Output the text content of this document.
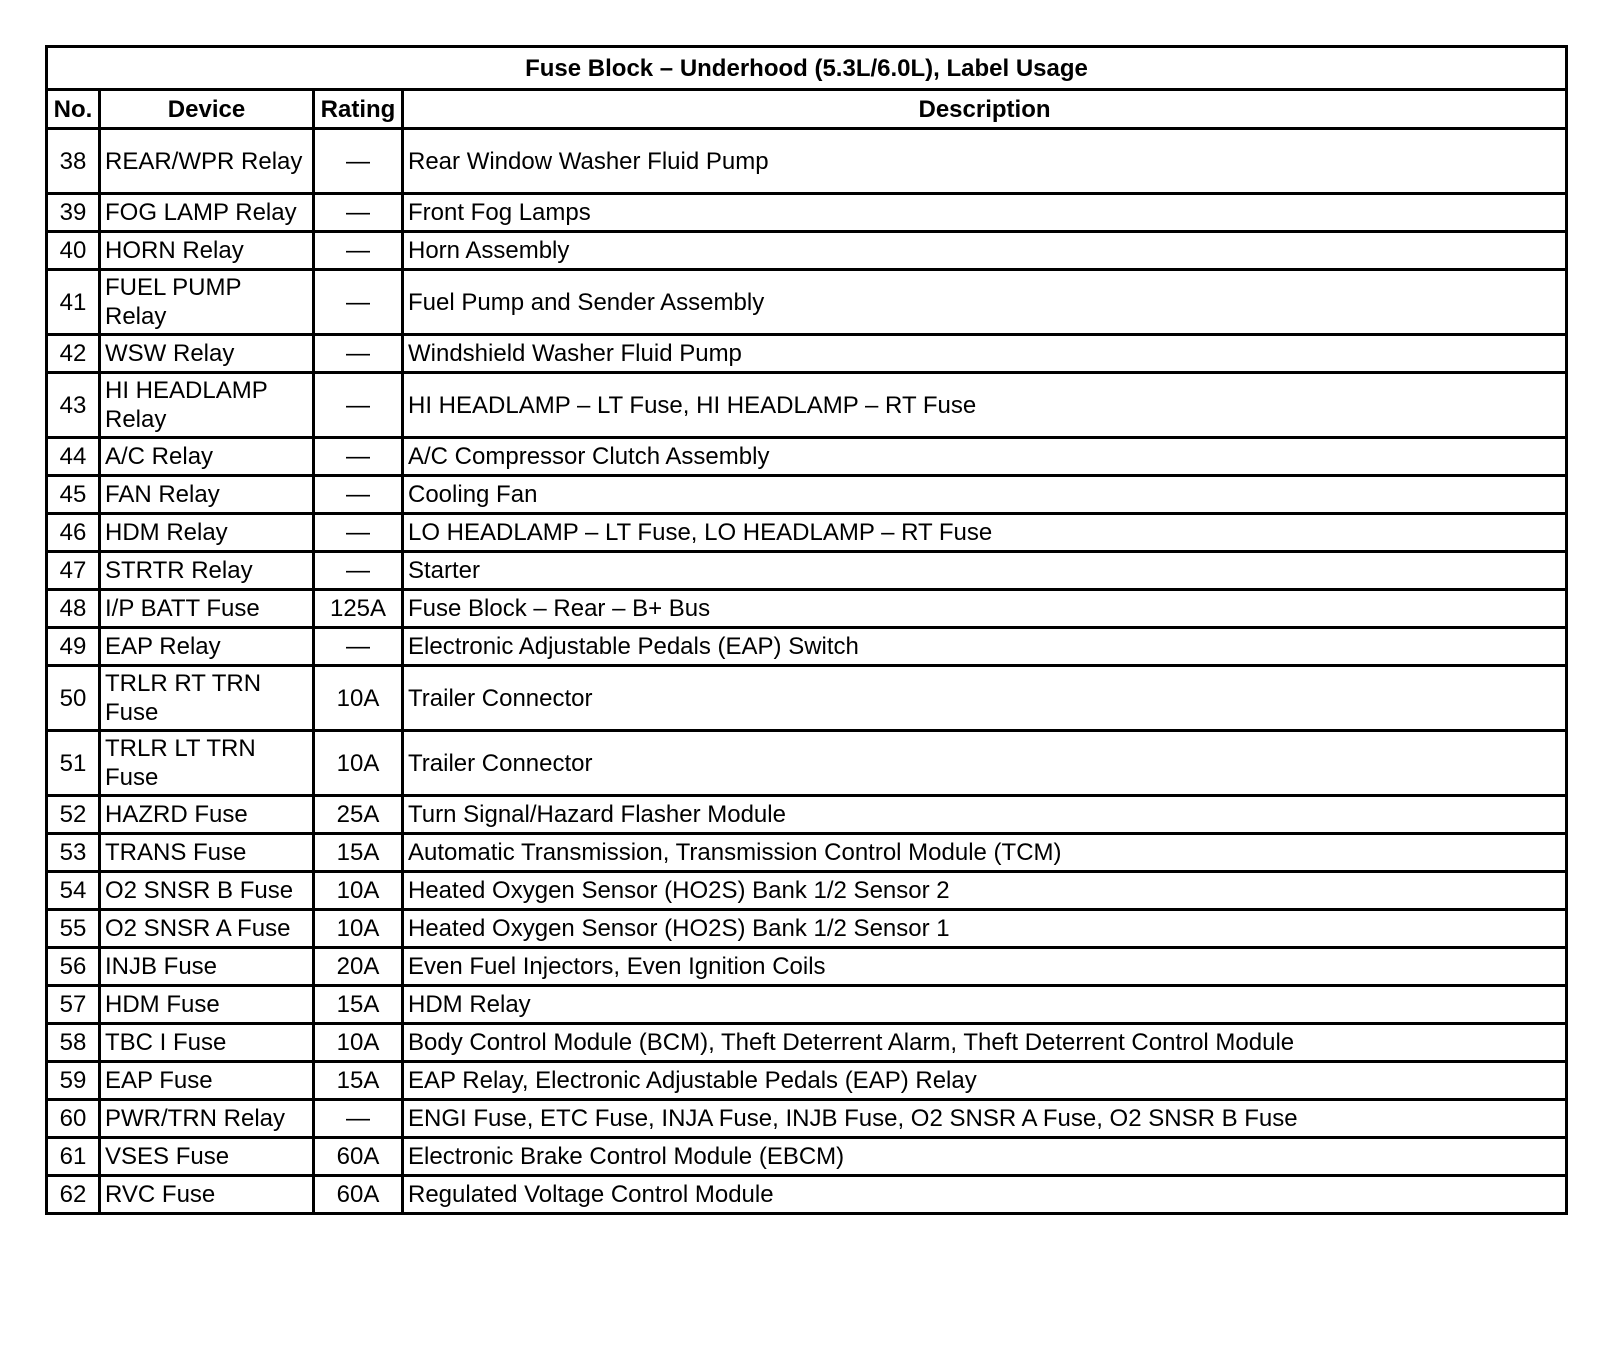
Fuse Block – Underhood (5.3L/6.0L), Label Usage			
No.	Device	Rating	Description
38	REAR/WPR Relay	—	Rear Window Washer Fluid Pump
39	FOG LAMP Relay	—	Front Fog Lamps
40	HORN Relay	—	Horn Assembly
41	FUEL PUMP Relay	—	Fuel Pump and Sender Assembly
42	WSW Relay	—	Windshield Washer Fluid Pump
43	HI HEADLAMP Relay	—	HI HEADLAMP – LT Fuse, HI HEADLAMP – RT Fuse
44	A/C Relay	—	A/C Compressor Clutch Assembly
45	FAN Relay	—	Cooling Fan
46	HDM Relay	—	LO HEADLAMP – LT Fuse, LO HEADLAMP – RT Fuse
47	STRTR Relay	—	Starter
48	I/P BATT Fuse	125A	Fuse Block – Rear – B+ Bus
49	EAP Relay	—	Electronic Adjustable Pedals (EAP) Switch
50	TRLR RT TRN Fuse	10A	Trailer Connector
51	TRLR LT TRN Fuse	10A	Trailer Connector
52	HAZRD Fuse	25A	Turn Signal/Hazard Flasher Module
53	TRANS Fuse	15A	Automatic Transmission, Transmission Control Module (TCM)
54	O2 SNSR B Fuse	10A	Heated Oxygen Sensor (HO2S) Bank 1/2 Sensor 2
55	O2 SNSR A Fuse	10A	Heated Oxygen Sensor (HO2S) Bank 1/2 Sensor 1
56	INJB Fuse	20A	Even Fuel Injectors, Even Ignition Coils
57	HDM Fuse	15A	HDM Relay
58	TBC I Fuse	10A	Body Control Module (BCM), Theft Deterrent Alarm, Theft Deterrent Control Module
59	EAP Fuse	15A	EAP Relay, Electronic Adjustable Pedals (EAP) Relay
60	PWR/TRN Relay	—	ENGI Fuse, ETC Fuse, INJA Fuse, INJB Fuse, O2 SNSR A Fuse, O2 SNSR B Fuse
61	VSES Fuse	60A	Electronic Brake Control Module (EBCM)
62	RVC Fuse	60A	Regulated Voltage Control Module
